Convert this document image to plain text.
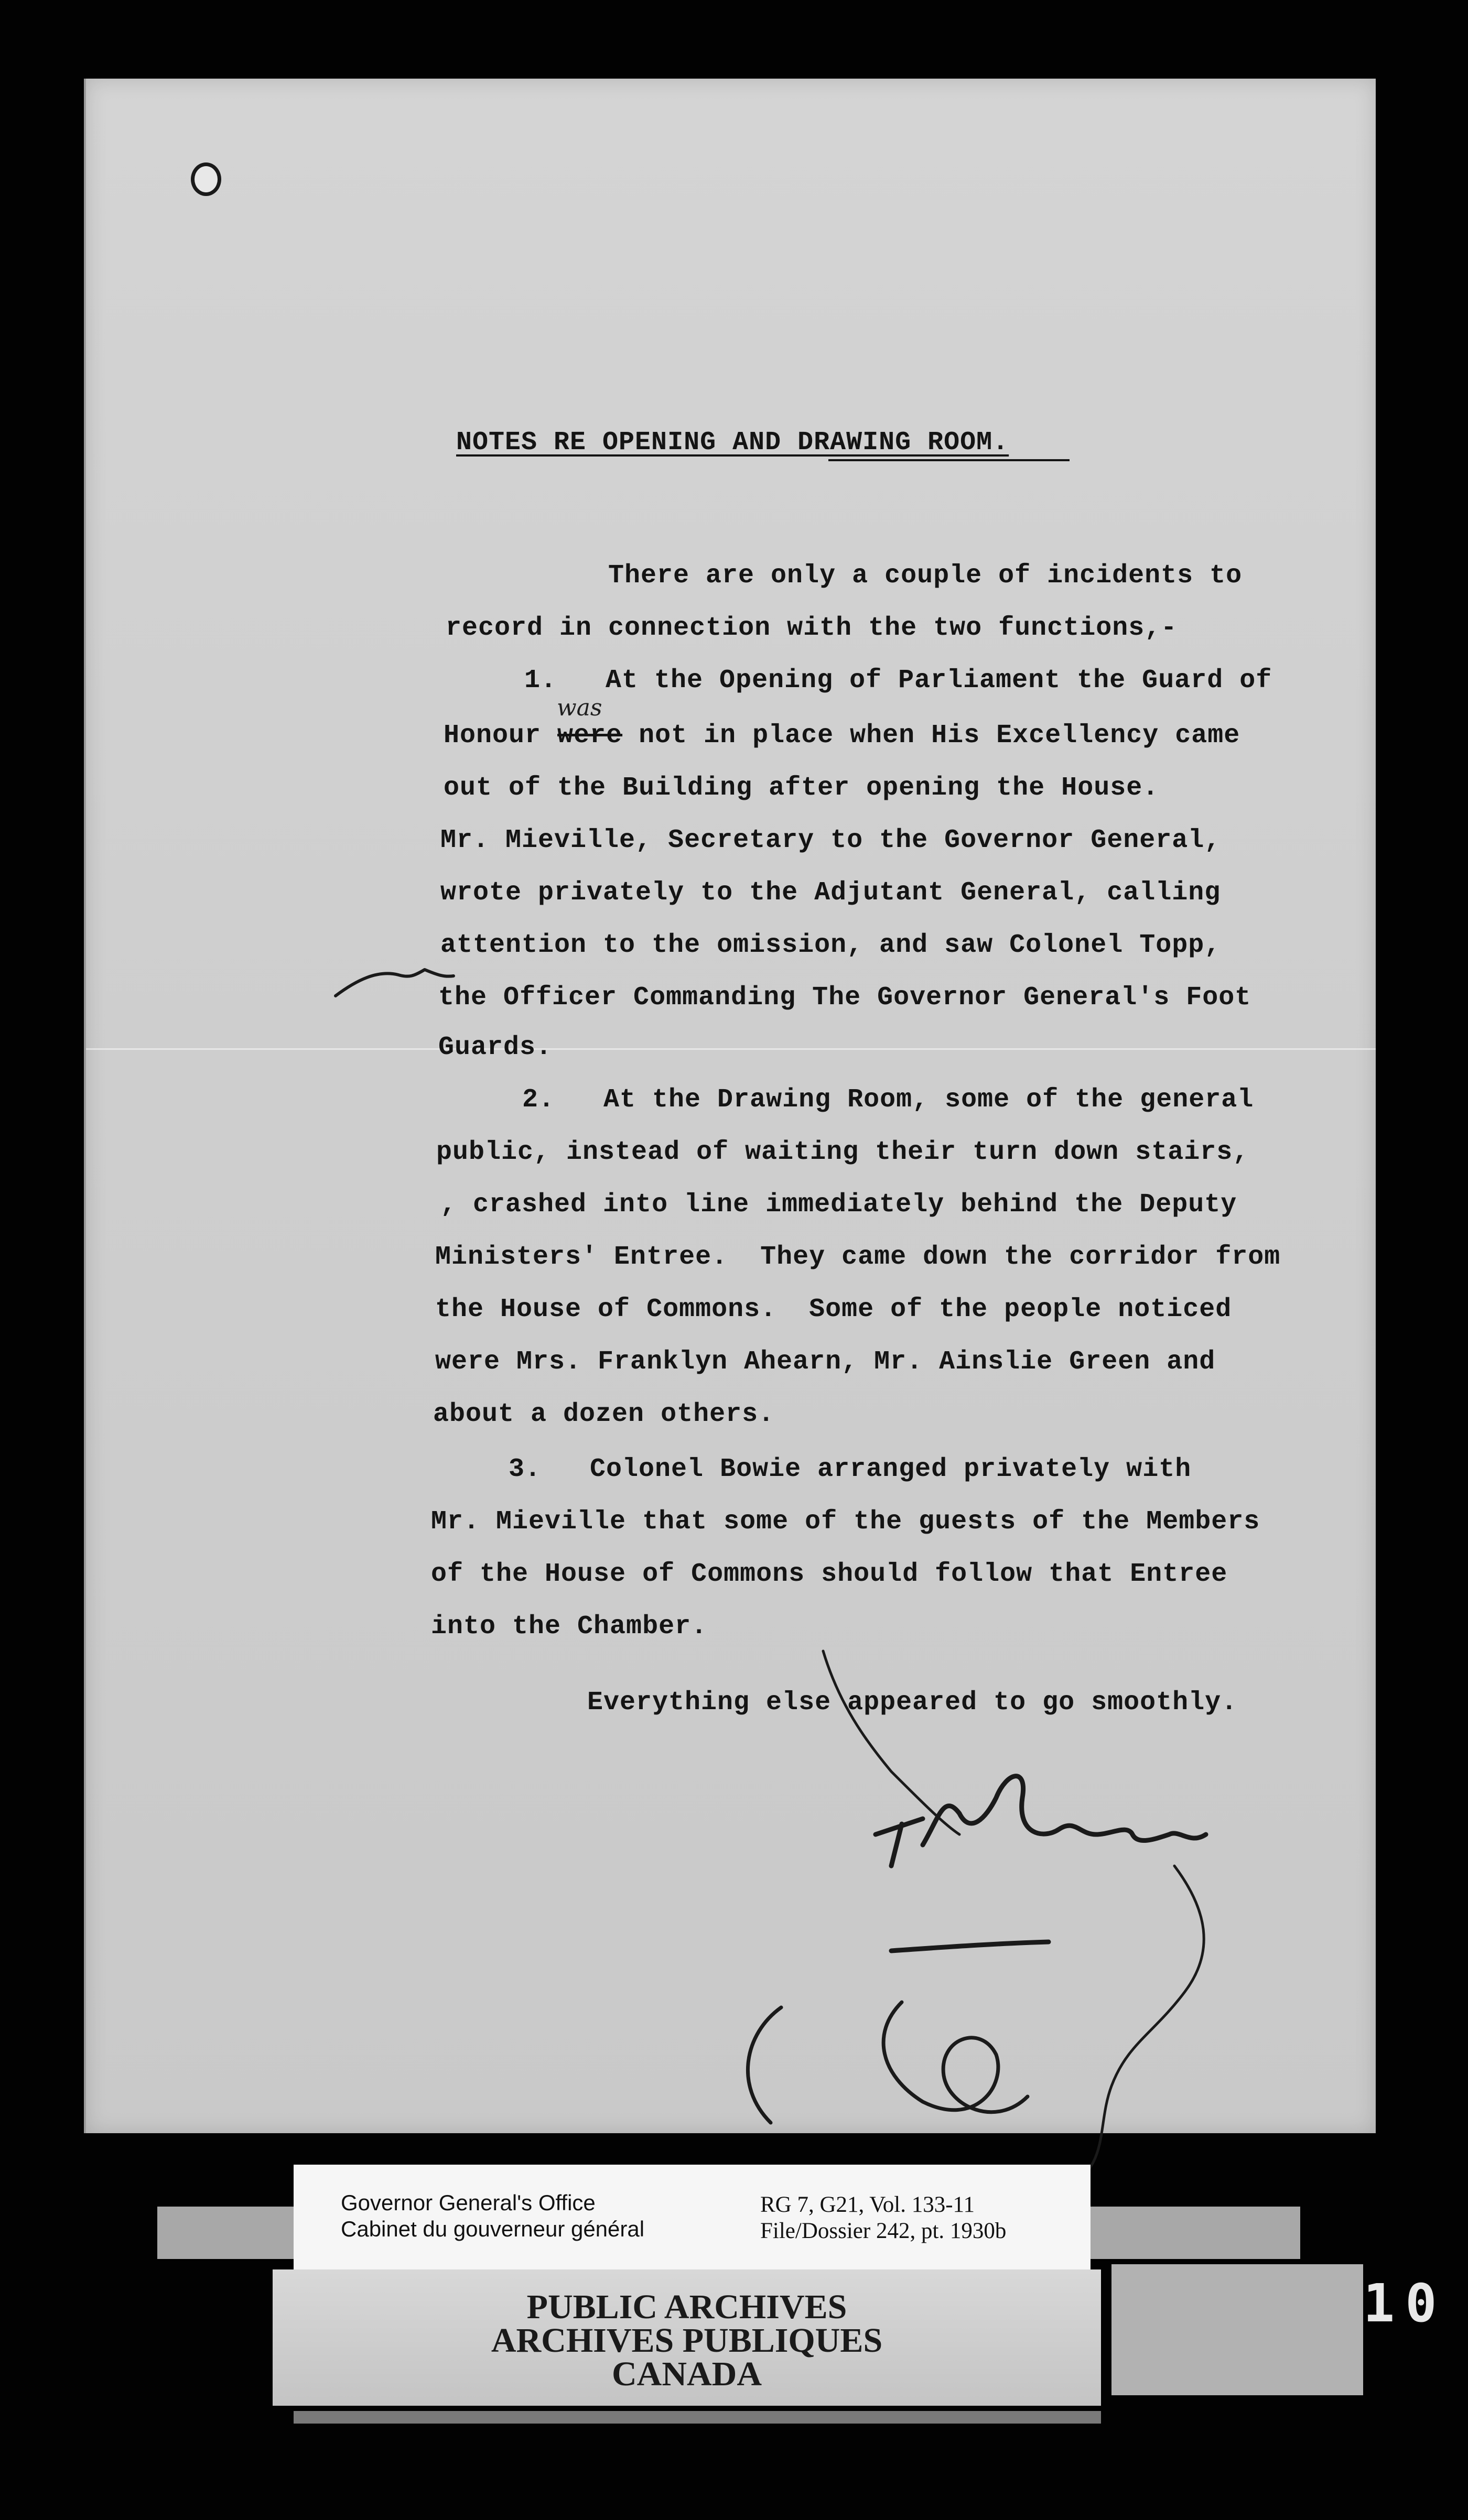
NOTES RE OPENING AND DRAWING ROOM.
There are only a couple of incidents to
record in connection with the two functions,-
1.   At the Opening of Parliament the Guard of
was
Honour were not in place when His Excellency came
out of the Building after opening the House.
Mr. Mieville, Secretary to the Governor General,
wrote privately to the Adjutant General, calling
attention to the omission, and saw Colonel Topp,
the Officer Commanding The Governor General's Foot
Guards.
2.   At the Drawing Room, some of the general
public, instead of waiting their turn down stairs,
, crashed into line immediately behind the Deputy
Ministers' Entree.  They came down the corridor from
the House of Commons.  Some of the people noticed
were Mrs. Franklyn Ahearn, Mr. Ainslie Green and
about a dozen others.
3.   Colonel Bowie arranged privately with
Mr. Mieville that some of the guests of the Members
of the House of Commons should follow that Entree
into the Chamber.
Everything else appeared to go smoothly.
Governor General's Office
Cabinet du gouverneur général
RG 7, G21, Vol. 133-11
File/Dossier 242, pt. 1930b
PUBLIC ARCHIVES
ARCHIVES PUBLIQUES
CANADA
10
